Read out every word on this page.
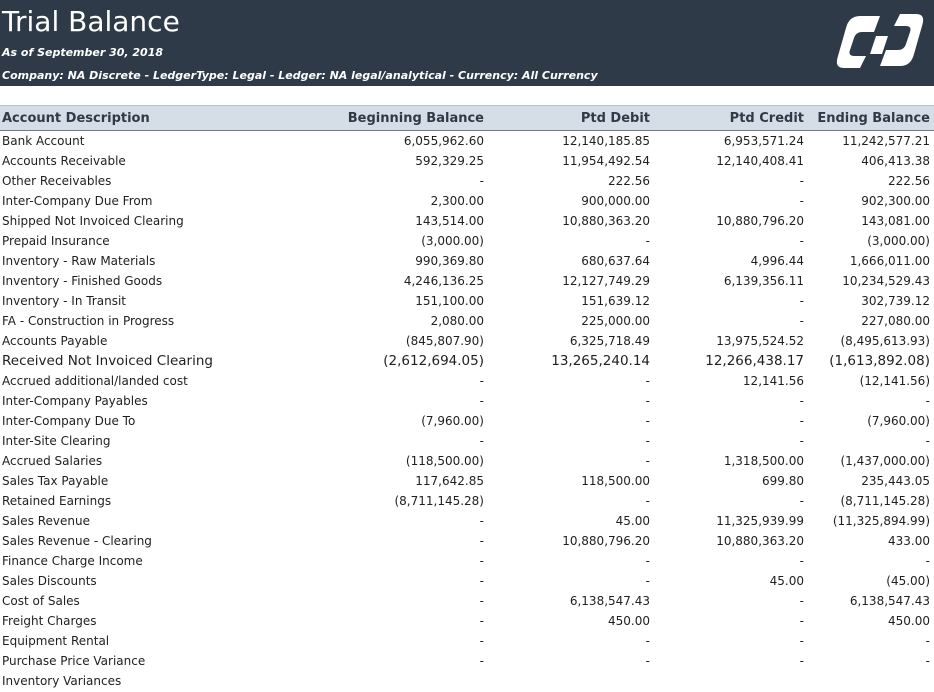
Trial Balance
As of September 30, 2018
Company: NA Discrete - LedgerType: Legal - Ledger: NA legal/analytical - Currency: All Currency
Account Description	Beginning Balance	Ptd Debit	Ptd Credit Ending Balance
Bank Account	6,055,962.60	12,140,185.85	6,953,571.24	11,242,577.21
Accounts Receivable	592,329.25	11,954,492.54	12,140,408.41	406,413.38
Other Receivables	-	222.56	-	222.56
Inter-Company Due From	2,300.00	900,000.00	-	902,300.00
Shipped Not Invoiced Clearing	143,514.00	10,880,363.20	10,880,796.20	143,081.00
Prepaid Insurance	(3,000.00)	-	-	(3,000.00)
Inventory - Raw Materials	990,369.80	680,637.64	4,996.44	1,666,011.00
Inventory - Finished Goods	4,246,136.25	12,127,749.29	6,139,356.11	10,234,529.43
Inventory - In Transit	151,100.00	151,639.12	-	302,739.12
FA - Construction in Progress	2,080.00	225,000.00	-	227,080.00
Accounts Payable	(845,807.90)	6,325,718.49	13,975,524.52	(8,495,613.93)
Received Not Invoiced Clearing	(2,612,694.05)	13,265,240.14	12,266,438.17 (1,613,892.08)
Accrued additional/landed cost	-	-	12,141.56	(12,141.56)
Inter-Company Payables	-	-	-	-
Inter-Company Due To	(7,960.00)	-	-	(7,960.00)
Inter-Site Clearing	-	-	-	-
Accrued Salaries	(118,500.00)	-	1,318,500.00	(1,437,000.00)
Sales Tax Payable	117,642.85	118,500.00	699.80	235,443.05
Retained Earnings	(8,711,145.28)	-	-	(8,711,145.28)
Sales Revenue	-	45.00	11,325,939.99 (11,325,894.99)
Sales Revenue - Clearing	-	10,880,796.20	10,880,363.20	433.00
Finance Charge Income	-	-	-	-
Sales Discounts	-	-	45.00	(45.00)
Cost of Sales	-	6,138,547.43	-	6,138,547.43
Freight Charges	-	450.00	-	450.00
Equipment Rental	-	-	-	-
Purchase Price Variance	-	-	-	-
Inventory Variances
